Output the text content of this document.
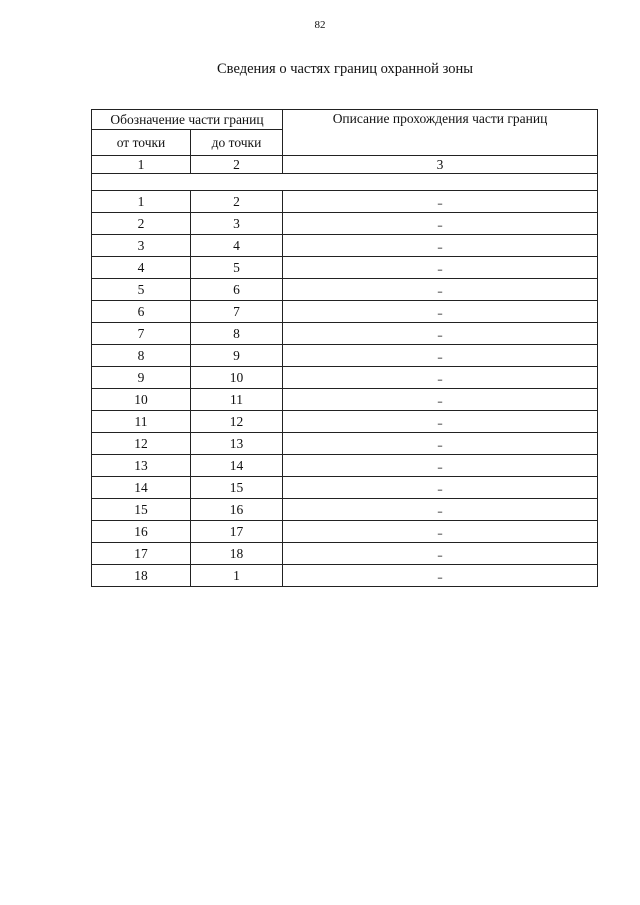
82
Сведения о частях границ охранной зоны
Обозначение части границ		Описание прохождения части границ
от точки	до точки	
1	2	3

1	2	–
2	3	–
3	4	–
4	5	–
5	6	–
6	7	–
7	8	–
8	9	–
9	10	–
10	11	–
11	12	–
12	13	–
13	14	–
14	15	–
15	16	–
16	17	–
17	18	–
18	1	–
